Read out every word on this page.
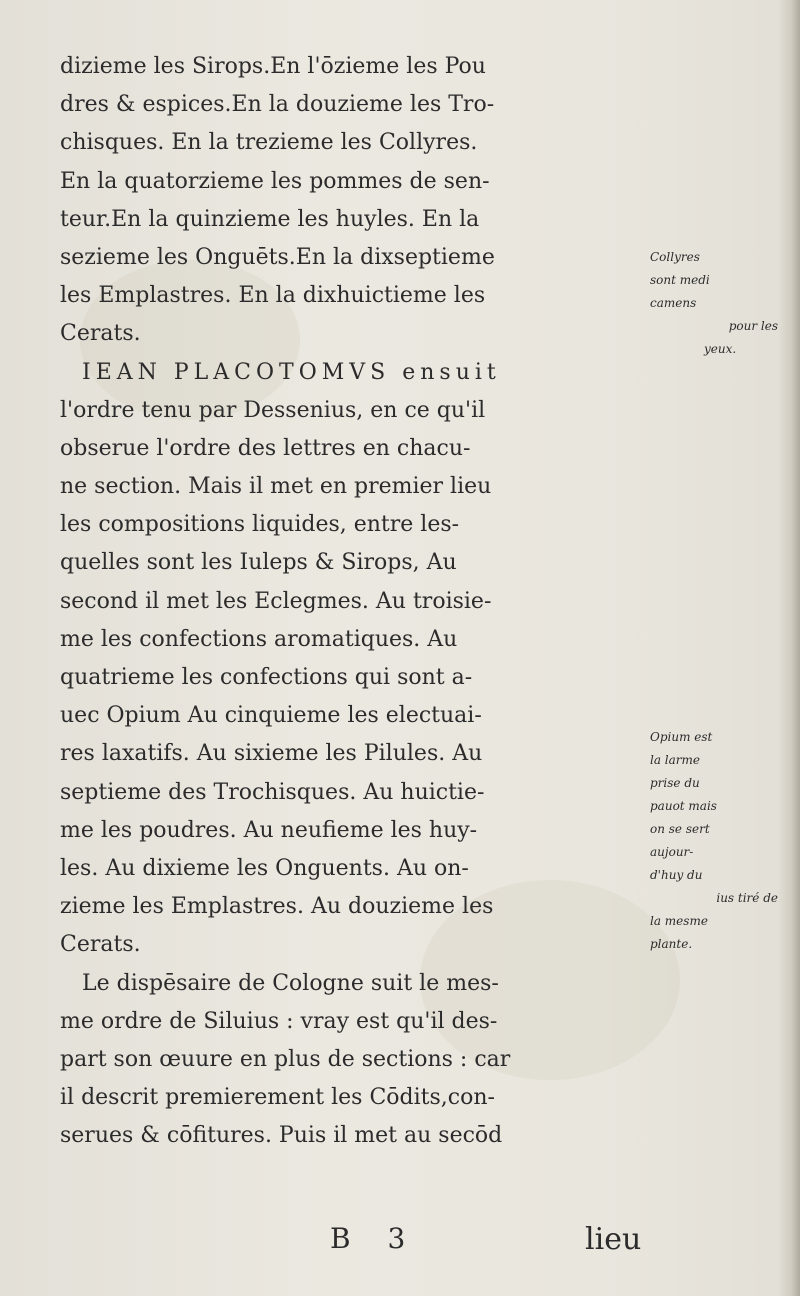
dizieme les Sirops.En l'ōzieme les Pou
dres & espices.En la douzieme les Tro-
chisques. En la trezieme les Collyres.
En la quatorzieme les pommes de sen-
teur.En la quinzieme les huyles. En la
sezieme les Onguēts.En la dixseptieme
les Emplastres. En la dixhuictieme les
Cerats.
IEAN PLACOTOMVS ensuit
l'ordre tenu par Dessenius, en ce qu'il
obserue l'ordre des lettres en chacu-
ne section. Mais il met en premier lieu
les compositions liquides, entre les-
quelles sont les Iuleps & Sirops, Au
second il met les Eclegmes. Au troisie-
me les confections aromatiques. Au
quatrieme les confections qui sont a-
uec Opium Au cinquieme les electuai-
res laxatifs. Au sixieme les Pilules. Au
septieme des Trochisques. Au huictie-
me les poudres. Au neufieme les huy-
les. Au dixieme les Onguents. Au on-
zieme les Emplastres. Au douzieme les
Cerats.
Le dispēsaire de Cologne suit le mes-
me ordre de Siluius : vray est qu'il des-
part son œuure en plus de sections : car
il descrit premierement les Cōdits,con-
serues & cōfitures. Puis il met au secōd
Collyres
sont medi
camens
pour les
yeux.
Opium est
la larme
prise du
pauot mais
on se sert
aujour-
d'huy du
ius tiré de
la mesme
plante.
B 3	lieu
